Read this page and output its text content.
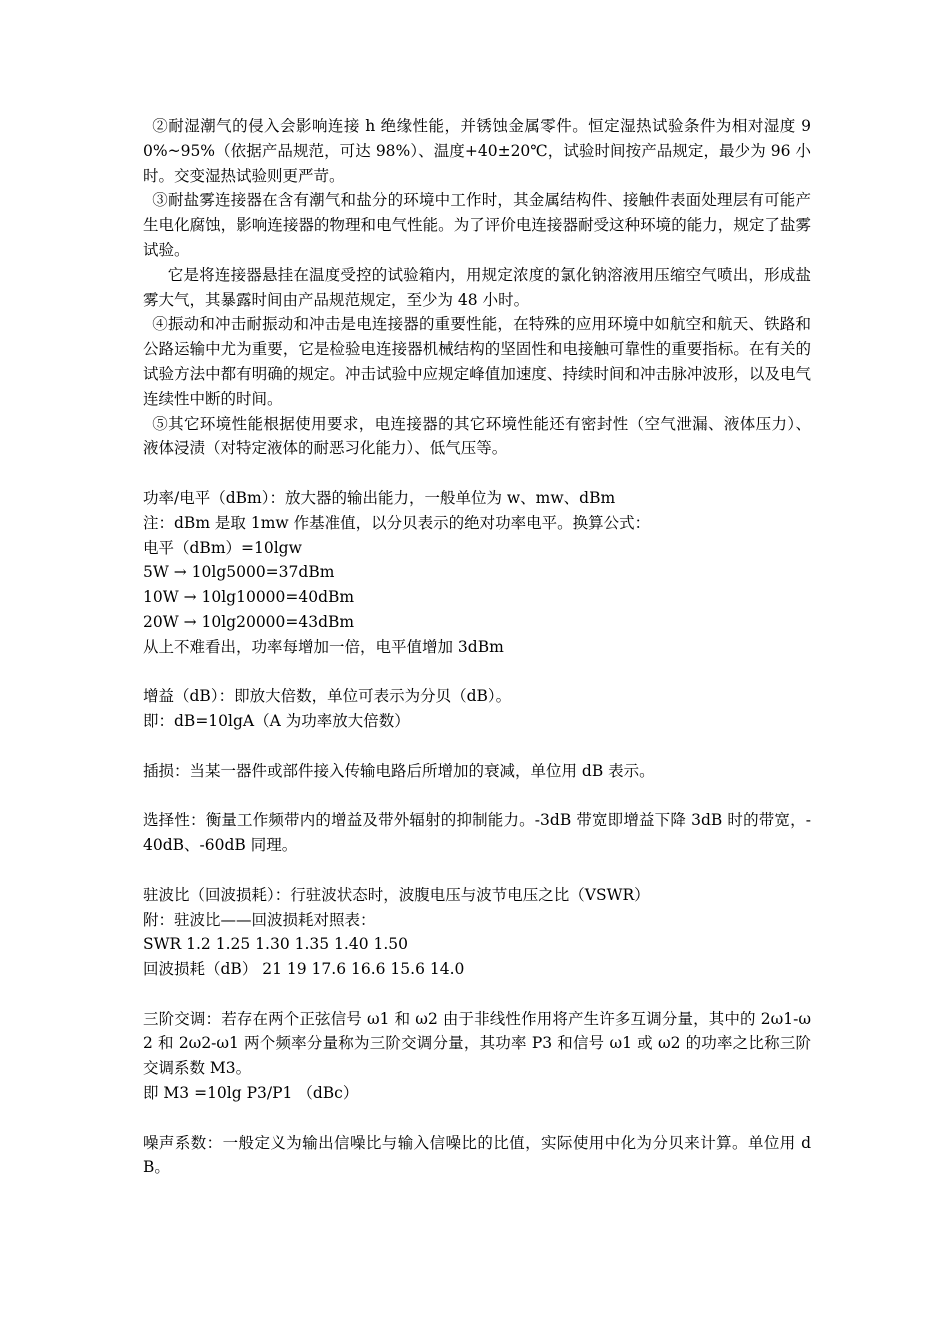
②耐湿潮气的侵入会影响连接 h 绝缘性能，并锈蚀金属零件。恒定湿热试验条件为相对湿度 90%~95%（依据产品规范，可达 98%）、温度+40±20℃，试验时间按产品规定，最少为 96 小时。交变湿热试验则更严苛。

③耐盐雾连接器在含有潮气和盐分的环境中工作时，其金属结构件、接触件表面处理层有可能产生电化腐蚀，影响连接器的物理和电气性能。为了评价电连接器耐受这种环境的能力，规定了盐雾试验。

它是将连接器悬挂在温度受控的试验箱内，用规定浓度的氯化钠溶液用压缩空气喷出，形成盐雾大气，其暴露时间由产品规范规定，至少为 48 小时。

④振动和冲击耐振动和冲击是电连接器的重要性能，在特殊的应用环境中如航空和航天、铁路和公路运输中尤为重要，它是检验电连接器机械结构的坚固性和电接触可靠性的重要指标。在有关的试验方法中都有明确的规定。冲击试验中应规定峰值加速度、持续时间和冲击脉冲波形，以及电气连续性中断的时间。

⑤其它环境性能根据使用要求，电连接器的其它环境性能还有密封性（空气泄漏、液体压力）、液体浸渍（对特定液体的耐恶习化能力）、低气压等。

功率/电平（dBm）：放大器的输出能力，一般单位为 w、mw、dBm

注：dBm 是取 1mw 作基准值，以分贝表示的绝对功率电平。换算公式：

电平（dBm）=10lgw

5W → 10lg5000=37dBm

10W → 10lg10000=40dBm

20W → 10lg20000=43dBm

从上不难看出，功率每增加一倍，电平值增加 3dBm

增益（dB）：即放大倍数，单位可表示为分贝（dB）。

即：dB=10lgA（A 为功率放大倍数）

插损：当某一器件或部件接入传输电路后所增加的衰减，单位用 dB 表示。

选择性：衡量工作频带内的增益及带外辐射的抑制能力。-3dB 带宽即增益下降 3dB 时的带宽，-40dB、-60dB 同理。

驻波比（回波损耗）：行驻波状态时，波腹电压与波节电压之比（VSWR）

附：驻波比——回波损耗对照表：

SWR 1.2 1.25 1.30 1.35 1.40 1.50

回波损耗（dB） 21 19 17.6 16.6 15.6 14.0

三阶交调：若存在两个正弦信号 ω1 和 ω2 由于非线性作用将产生许多互调分量，其中的 2ω1-ω2 和 2ω2-ω1 两个频率分量称为三阶交调分量，其功率 P3 和信号 ω1 或 ω2 的功率之比称三阶交调系数 M3。

即 M3 =10lg P3/P1 （dBc）

噪声系数：一般定义为输出信噪比与输入信噪比的比值，实际使用中化为分贝来计算。单位用 dB。
